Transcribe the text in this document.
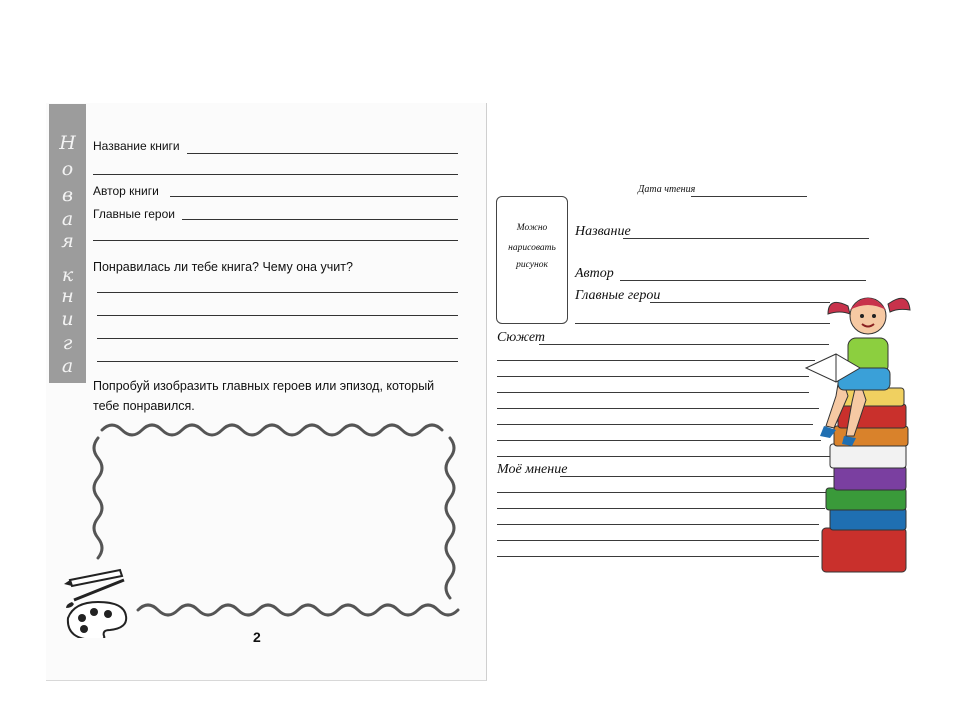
Н
о
в
а
я
к
н
и
г
а
Название книги
Автор книги
Главные герои
Понравилась ли тебе книга? Чему она учит?
Попробуй изобразить главных героев или эпизод, который
тебе понравился.
2
Дата чтения
Можно
нарисовать
рисунок
Название
Автор
Главные герои
Сюжет
Моё мнение
